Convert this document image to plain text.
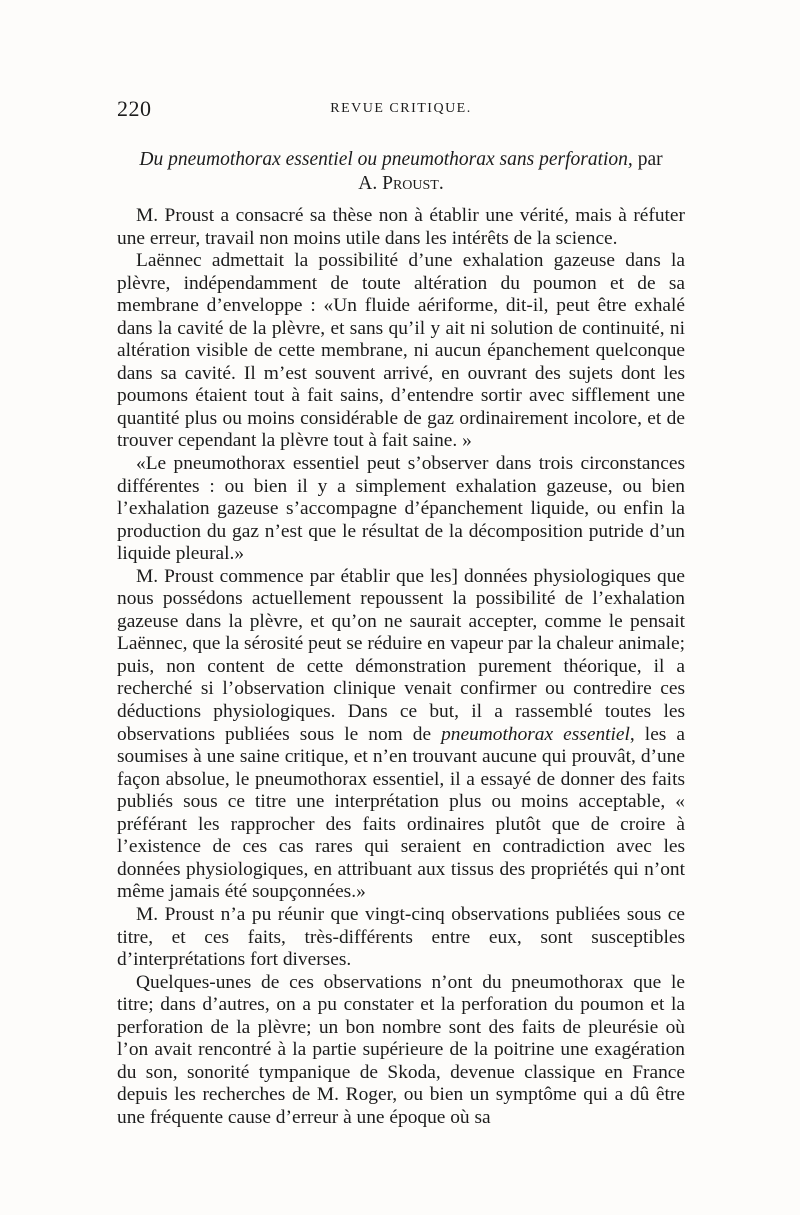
220	REVUE CRITIQUE.
Du pneumothorax essentiel ou pneumothorax sans perforation, par
A. Proust.

M. Proust a consacré sa thèse non à établir une vérité, mais à réfuter une erreur, travail non moins utile dans les intérêts de la science.

Laënnec admettait la possibilité d’une exhalation gazeuse dans la plèvre, indépendamment de toute altération du poumon et de sa membrane d’enveloppe : «Un fluide aériforme, dit-il, peut être exhalé dans la cavité de la plèvre, et sans qu’il y ait ni solution de continuité, ni altération visible de cette membrane, ni aucun épanchement quelconque dans sa cavité. Il m’est souvent arrivé, en ouvrant des sujets dont les poumons étaient tout à fait sains, d’entendre sortir avec sifflement une quantité plus ou moins considérable de gaz ordinairement incolore, et de trouver cependant la plèvre tout à fait saine. »

«Le pneumothorax essentiel peut s’observer dans trois circonstances différentes : ou bien il y a simplement exhalation gazeuse, ou bien l’exhalation gazeuse s’accompagne d’épanchement liquide, ou enfin la production du gaz n’est que le résultat de la décomposition putride d’un liquide pleural.»

M. Proust commence par établir que les] données physiologiques que nous possédons actuellement repoussent la possibilité de l’exhalation gazeuse dans la plèvre, et qu’on ne saurait accepter, comme le pensait Laënnec, que la sérosité peut se réduire en vapeur par la chaleur animale; puis, non content de cette démonstration purement théorique, il a recherché si l’observation clinique venait confirmer ou contredire ces déductions physiologiques. Dans ce but, il a rassemblé toutes les observations publiées sous le nom de pneumothorax essentiel, les a soumises à une saine critique, et n’en trouvant aucune qui prouvât, d’une façon absolue, le pneumothorax essentiel, il a essayé de donner des faits publiés sous ce titre une interprétation plus ou moins acceptable, « préférant les rapprocher des faits ordinaires plutôt que de croire à l’existence de ces cas rares qui seraient en contradiction avec les données physiologiques, en attribuant aux tissus des propriétés qui n’ont même jamais été soupçonnées.»

M. Proust n’a pu réunir que vingt-cinq observations publiées sous ce titre, et ces faits, très-différents entre eux, sont susceptibles d’interprétations fort diverses.

Quelques-unes de ces observations n’ont du pneumothorax que le titre; dans d’autres, on a pu constater et la perforation du poumon et la perforation de la plèvre; un bon nombre sont des faits de pleurésie où l’on avait rencontré à la partie supérieure de la poitrine une exagération du son, sonorité tympanique de Skoda, devenue classique en France depuis les recherches de M. Roger, ou bien un symptôme qui a dû être une fréquente cause d’erreur à une époque où sa
